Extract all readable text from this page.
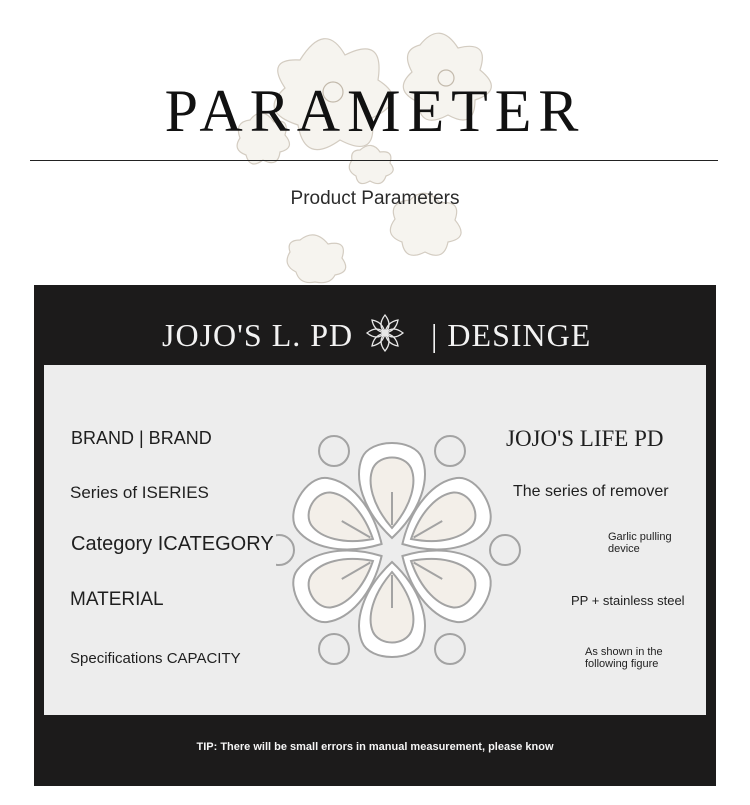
PARAMETER
Product Parameters
JOJO'S L. PD | DESINGE
BRAND | BRAND
Series of ISERIES
Category ICATEGORY
MATERIAL
Specifications CAPACITY
JOJO'S LIFE PD
The series of remover
Garlic pulling device
PP + stainless steel
As shown in the following figure
TIP: There will be small errors in manual measurement, please know
